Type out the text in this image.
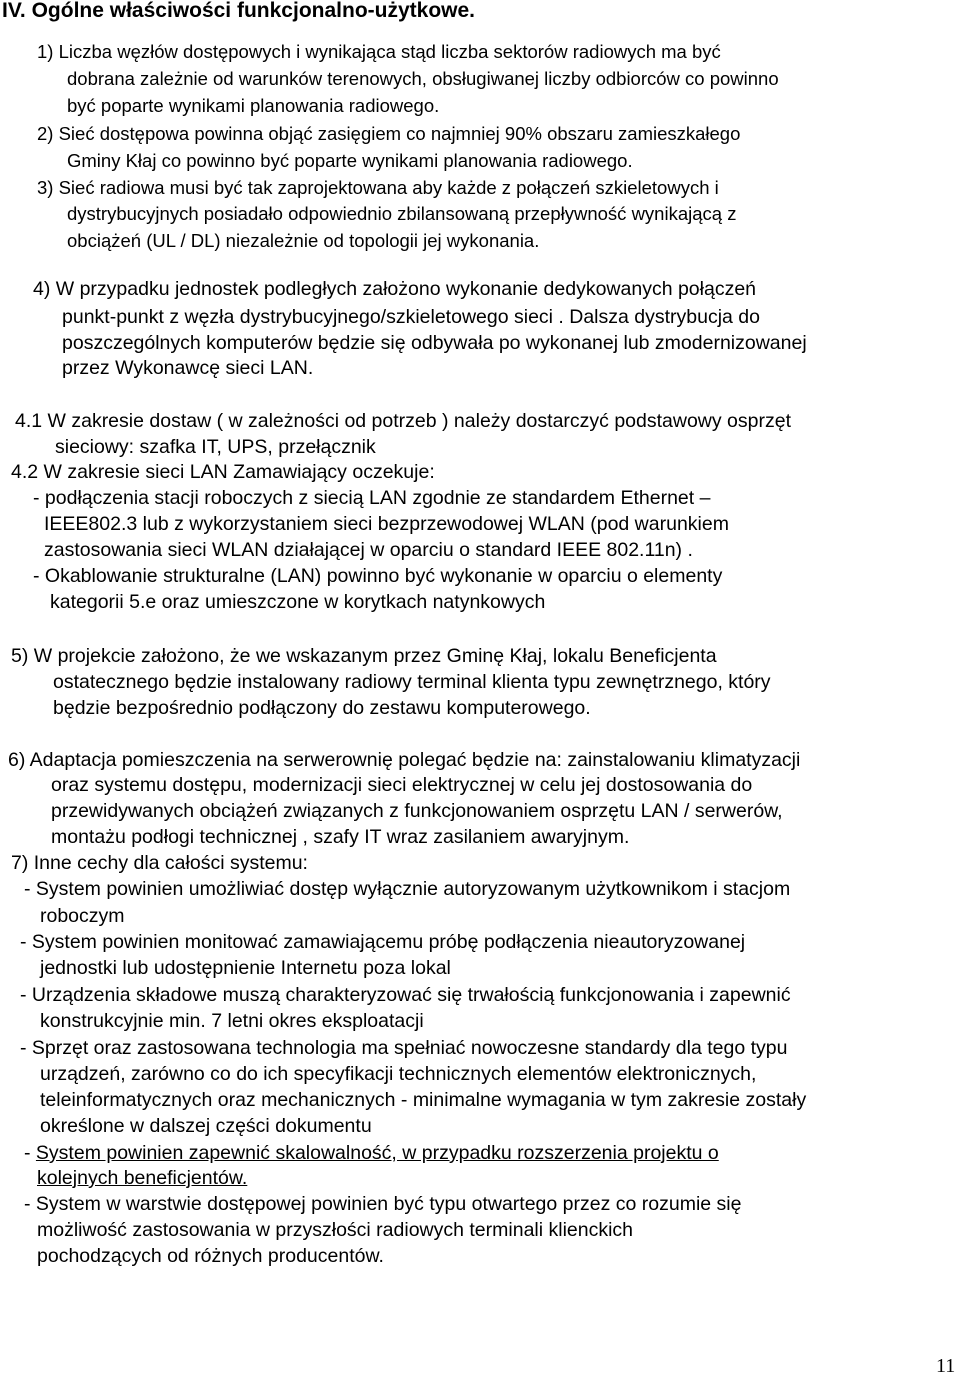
IV. Ogólne właściwości funkcjonalno-użytkowe.
1) Liczba węzłów dostępowych i wynikająca stąd liczba sektorów radiowych ma być
dobrana zależnie od warunków terenowych, obsługiwanej liczby odbiorców co powinno
być poparte wynikami planowania radiowego.
2) Sieć dostępowa powinna objąć zasięgiem co najmniej 90% obszaru zamieszkałego
Gminy Kłaj co powinno być poparte wynikami planowania radiowego.
3) Sieć radiowa musi być tak zaprojektowana aby każde z połączeń szkieletowych i
dystrybucyjnych posiadało odpowiednio zbilansowaną przepływność wynikającą z
obciążeń (UL / DL) niezależnie od topologii jej wykonania.
4) W przypadku jednostek podległych założono wykonanie dedykowanych połączeń
punkt-punkt z węzła dystrybucyjnego/szkieletowego sieci . Dalsza dystrybucja do
poszczególnych komputerów będzie się odbywała po wykonanej lub zmodernizowanej
przez Wykonawcę sieci LAN.
4.1 W zakresie dostaw ( w zależności od potrzeb ) należy dostarczyć podstawowy osprzęt
sieciowy: szafka IT, UPS, przełącznik
4.2 W zakresie sieci LAN Zamawiający oczekuje:
- podłączenia stacji roboczych z siecią LAN zgodnie ze standardem Ethernet –
IEEE802.3 lub z wykorzystaniem sieci bezprzewodowej WLAN (pod warunkiem
zastosowania sieci WLAN działającej w oparciu o standard IEEE 802.11n) .
- Okablowanie strukturalne (LAN) powinno być wykonanie w oparciu o elementy
kategorii 5.e oraz umieszczone w korytkach natynkowych
5) W projekcie założono, że we wskazanym przez Gminę Kłaj, lokalu Beneficjenta
ostatecznego będzie instalowany radiowy terminal klienta typu zewnętrznego, który
będzie bezpośrednio podłączony do zestawu komputerowego.
6) Adaptacja pomieszczenia na serwerownię polegać będzie na: zainstalowaniu klimatyzacji
oraz systemu dostępu, modernizacji sieci elektrycznej w celu jej dostosowania do
przewidywanych obciążeń związanych z funkcjonowaniem osprzętu LAN / serwerów,
montażu podłogi technicznej , szafy IT wraz zasilaniem awaryjnym.
7) Inne cechy dla całości systemu:
- System powinien umożliwiać dostęp wyłącznie autoryzowanym użytkownikom i stacjom
roboczym
- System powinien monitować zamawiającemu próbę podłączenia nieautoryzowanej
jednostki lub udostępnienie Internetu poza lokal
- Urządzenia składowe muszą charakteryzować się trwałością funkcjonowania i zapewnić
konstrukcyjnie min. 7 letni okres eksploatacji
- Sprzęt oraz zastosowana technologia ma spełniać nowoczesne standardy dla tego typu
urządzeń, zarówno co do ich specyfikacji technicznych elementów elektronicznych,
teleinformatycznych oraz mechanicznych - minimalne wymagania w tym zakresie zostały
określone w dalszej części dokumentu
- System powinien zapewnić skalowalność, w przypadku rozszerzenia projektu o
kolejnych beneficjentów.
- System w warstwie dostępowej powinien być typu otwartego przez co rozumie się
możliwość zastosowania w przyszłości radiowych terminali klienckich
pochodzących od różnych producentów.
11
